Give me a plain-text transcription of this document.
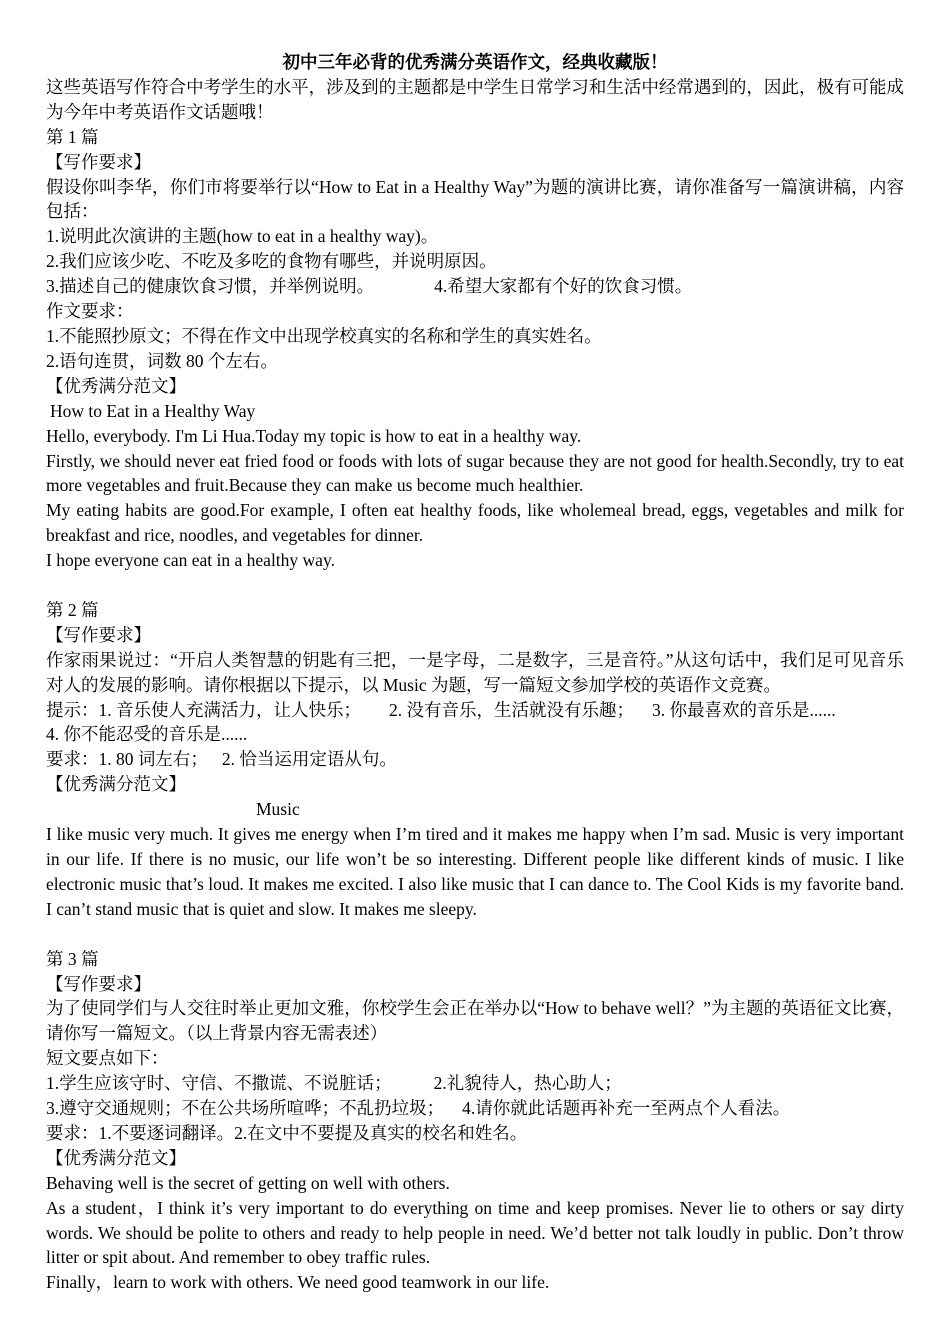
初中三年必背的优秀满分英语作文，经典收藏版！
这些英语写作符合中考学生的水平，涉及到的主题都是中学生日常学习和生活中经常遇到的，因此，极有可能成为今年中考英语作文话题哦！
第 1 篇
【写作要求】
假设你叫李华，你们市将要举行以“How to Eat in a Healthy Way”为题的演讲比赛，请你准备写一篇演讲稿，内容包括：
1.说明此次演讲的主题(how to eat in a healthy way)。
2.我们应该少吃、不吃及多吃的食物有哪些，并说明原因。
3.描述自己的健康饮食习惯，并举例说明。	4.希望大家都有个好的饮食习惯。
作文要求：
1.不能照抄原文；不得在作文中出现学校真实的名称和学生的真实姓名。
2.语句连贯，词数 80 个左右。
【优秀满分范文】
How to Eat in a Healthy Way
Hello, everybody. I'm Li Hua.Today my topic is how to eat in a healthy way.
Firstly, we should never eat fried food or foods with lots of sugar because they are not good for health.Secondly, try to eat more vegetables and fruit.Because they can make us become much healthier.
My eating habits are good.For example, I often eat healthy foods, like wholemeal bread, eggs, vegetables and milk for breakfast and rice, noodles, and vegetables for dinner.
I hope everyone can eat in a healthy way.
第 2 篇
【写作要求】
作家雨果说过：“开启人类智慧的钥匙有三把，一是字母，二是数字，三是音符。”从这句话中，我们足可见音乐对人的发展的影响。请你根据以下提示，以 Music 为题，写一篇短文参加学校的英语作文竞赛。
提示：1. 音乐使人充满活力，让人快乐； 2. 没有音乐，生活就没有乐趣； 3. 你最喜欢的音乐是......
4. 你不能忍受的音乐是......
要求：1. 80 词左右； 2. 恰当运用定语从句。
【优秀满分范文】
Music
I like music very much. It gives me energy when I’m tired and it makes me happy when I’m sad. Music is very important in our life. If there is no music, our life won’t be so interesting. Different people like different kinds of music. I like electronic music that’s loud. It makes me excited. I also like music that I can dance to. The Cool Kids is my favorite band. I can’t stand music that is quiet and slow. It makes me sleepy.
第 3 篇
【写作要求】
为了使同学们与人交往时举止更加文雅，你校学生会正在举办以“How to behave well？”为主题的英语征文比赛，请你写一篇短文。（以上背景内容无需表述）
短文要点如下：
1.学生应该守时、守信、不撒谎、不说脏话； 2.礼貌待人，热心助人；
3.遵守交通规则；不在公共场所喧哗；不乱扔垃圾； 4.请你就此话题再补充一至两点个人看法。
要求：1.不要逐词翻译。2.在文中不要提及真实的校名和姓名。
【优秀满分范文】
Behaving well is the secret of getting on well with others.
As a student，I think it’s very important to do everything on time and keep promises. Never lie to others or say dirty words. We should be polite to others and ready to help people in need. We’d better not talk loudly in public. Don’t throw litter or spit about. And remember to obey traffic rules.
Finally，learn to work with others. We need good teamwork in our life.
